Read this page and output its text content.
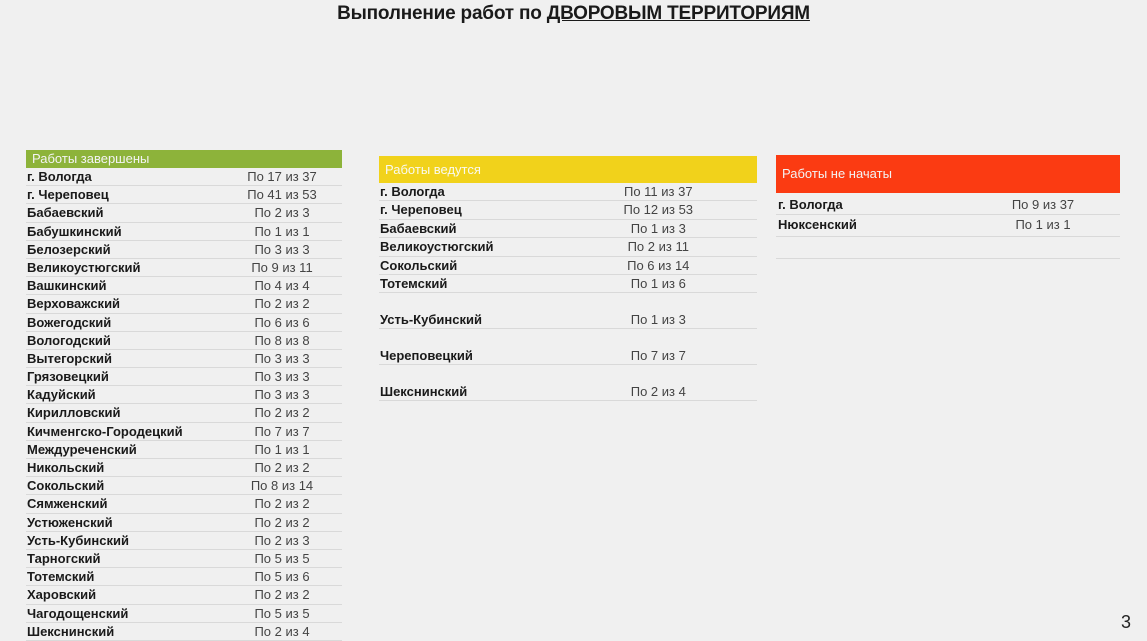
Выполнение работ по ДВОРОВЫМ ТЕРРИТОРИЯМ
Работы завершены
г. Вологда	По 17 из 37
г. Череповец	По 41 из 53
Бабаевский	По 2 из 3
Бабушкинский	По 1 из 1
Белозерский	По 3 из 3
Великоустюгский	По 9 из 11
Вашкинский	По 4 из 4
Верховажский	По 2 из 2
Вожегодский	По 6 из 6
Вологодский	По 8 из 8
Вытегорский	По 3 из 3
Грязовецкий	По 3 из 3
Кадуйский	По 3 из 3
Кирилловский	По 2 из 2
Кичменгско-Городецкий	По 7 из 7
Междуреченский	По 1 из 1
Никольский	По 2 из 2
Сокольский	По 8 из 14
Сямженский	По 2 из 2
Устюженский	По 2 из 2
Усть-Кубинский	По 2 из 3
Тарногский	По 5 из 5
Тотемский	По 5 из 6
Харовский	По 2 из 2
Чагодощенский	По 5 из 5
Шекснинский	По 2 из 4
Работы ведутся
г. Вологда	По 11 из 37
г. Череповец	По 12 из 53
Бабаевский	По 1 из 3
Великоустюгский	По 2 из 11
Сокольский	По 6 из 14
Тотемский	По 1 из 6
Усть-Кубинский	По 1 из 3
Череповецкий	По 7 из 7
Шекснинский	По 2 из 4
Работы не начаты
г. Вологда	По 9 из 37
Нюксенский	По 1 из 1
3
